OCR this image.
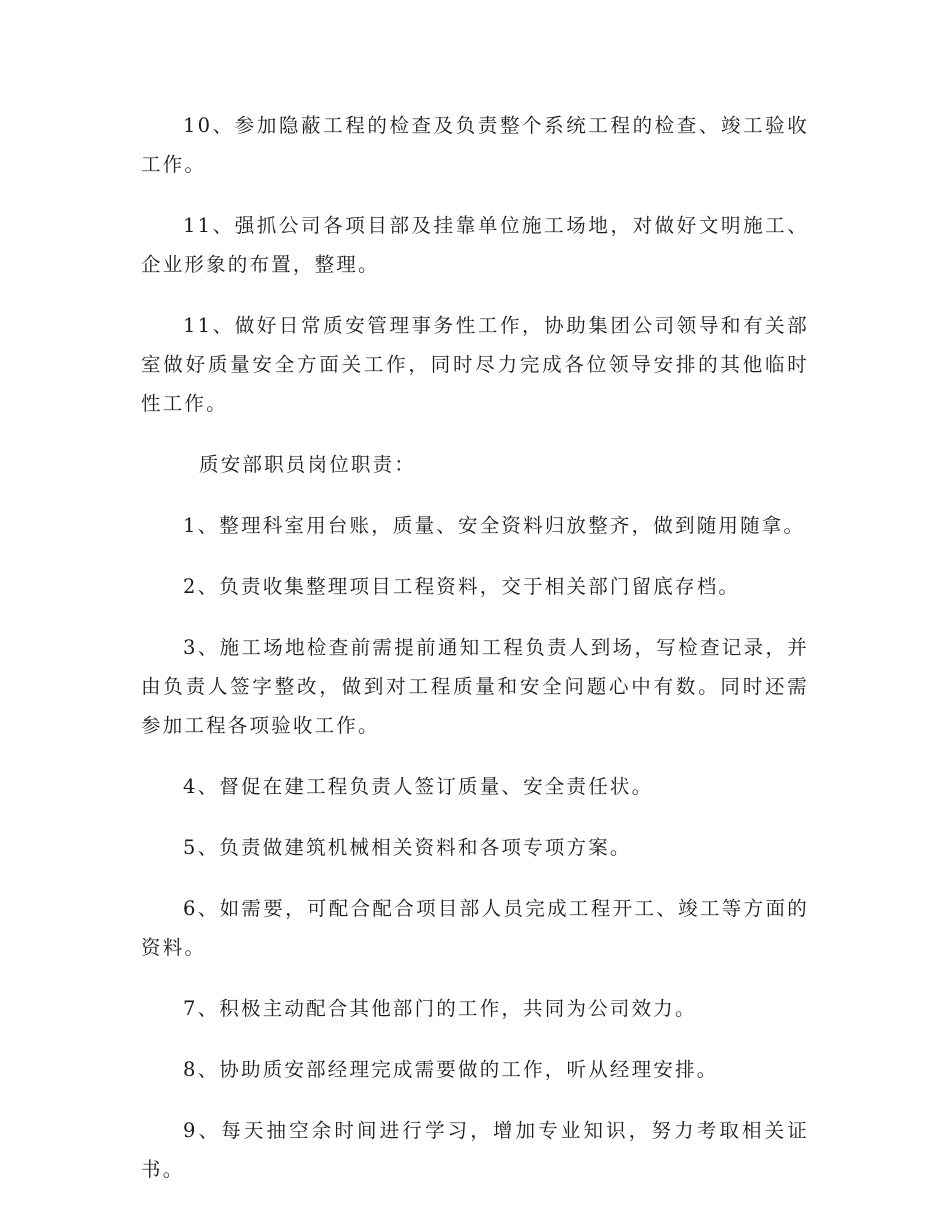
10、参加隐蔽工程的检查及负责整个系统工程的检查、竣工验收工作。

11、强抓公司各项目部及挂靠单位施工场地，对做好文明施工、企业形象的布置，整理。

11、做好日常质安管理事务性工作，协助集团公司领导和有关部室做好质量安全方面关工作，同时尽力完成各位领导安排的其他临时性工作。

质安部职员岗位职责：

1、整理科室用台账，质量、安全资料归放整齐，做到随用随拿。

2、负责收集整理项目工程资料，交于相关部门留底存档。

3、施工场地检查前需提前通知工程负责人到场，写检查记录，并由负责人签字整改，做到对工程质量和安全问题心中有数。同时还需参加工程各项验收工作。

4、督促在建工程负责人签订质量、安全责任状。

5、负责做建筑机械相关资料和各项专项方案。

6、如需要，可配合配合项目部人员完成工程开工、竣工等方面的资料。

7、积极主动配合其他部门的工作，共同为公司效力。

8、协助质安部经理完成需要做的工作，听从经理安排。

9、每天抽空余时间进行学习，增加专业知识，努力考取相关证书。
